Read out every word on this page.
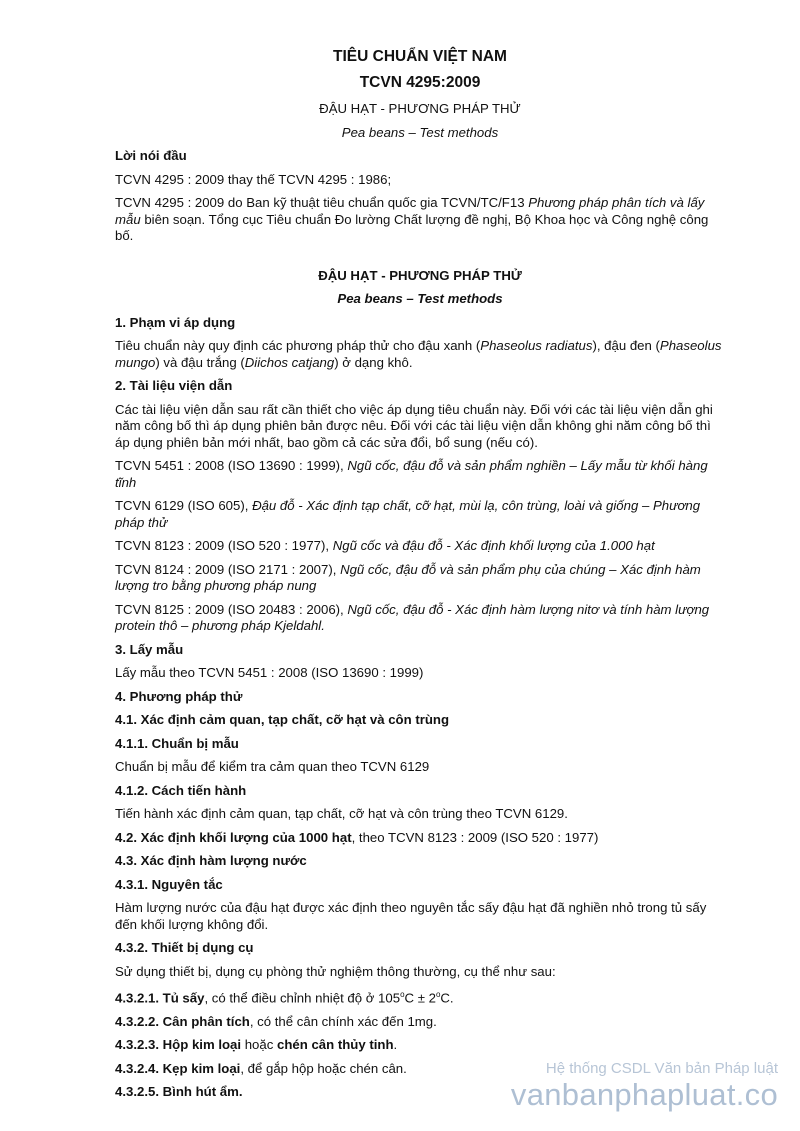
TIÊU CHUẨN VIỆT NAM
TCVN 4295:2009
ĐẬU HẠT - PHƯƠNG PHÁP THỬ
Pea beans – Test methods
Lời nói đầu
TCVN 4295 : 2009 thay thế TCVN 4295 : 1986;
TCVN 4295 : 2009 do Ban kỹ thuật tiêu chuẩn quốc gia TCVN/TC/F13 Phương pháp phân tích và lấy mẫu biên soạn. Tổng cục Tiêu chuẩn Đo lường Chất lượng đề nghị, Bộ Khoa học và Công nghệ công bố.
ĐẬU HẠT - PHƯƠNG PHÁP THỬ
Pea beans – Test methods
1. Phạm vi áp dụng
Tiêu chuẩn này quy định các phương pháp thử cho đậu xanh (Phaseolus radiatus), đậu đen (Phaseolus mungo) và đậu trắng (Diichos catjang) ở dạng khô.
2. Tài liệu viện dẫn
Các tài liệu viện dẫn sau rất cần thiết cho việc áp dụng tiêu chuẩn này. Đối với các tài liệu viện dẫn ghi năm công bố thì áp dụng phiên bản được nêu. Đối với các tài liệu viện dẫn không ghi năm công bố thì áp dụng phiên bản mới nhất, bao gồm cả các sửa đổi, bổ sung (nếu có).
TCVN 5451 : 2008 (ISO 13690 : 1999), Ngũ cốc, đậu đỗ và sản phẩm nghiền – Lấy mẫu từ khối hàng tĩnh
TCVN 6129 (ISO 605), Đậu đỗ - Xác định tạp chất, cỡ hạt, mùi lạ, côn trùng, loài và giống – Phương pháp thử
TCVN 8123 : 2009 (ISO 520 : 1977), Ngũ cốc và đậu đỗ - Xác định khối lượng của 1.000 hạt
TCVN 8124 : 2009 (ISO 2171 : 2007), Ngũ cốc, đậu đỗ và sản phẩm phụ của chúng – Xác định hàm lượng tro bằng phương pháp nung
TCVN 8125 : 2009 (ISO 20483 : 2006), Ngũ cốc, đậu đỗ - Xác định hàm lượng nitơ và tính hàm lượng protein thô – phương pháp Kjeldahl.
3. Lấy mẫu
Lấy mẫu theo TCVN 5451 : 2008 (ISO 13690 : 1999)
4. Phương pháp thử
4.1. Xác định cảm quan, tạp chất, cỡ hạt và côn trùng
4.1.1. Chuẩn bị mẫu
Chuẩn bị mẫu để kiểm tra cảm quan theo TCVN 6129
4.1.2. Cách tiến hành
Tiến hành xác định cảm quan, tạp chất, cỡ hạt và côn trùng theo TCVN 6129.
4.2. Xác định khối lượng của 1000 hạt, theo TCVN 8123 : 2009 (ISO 520 : 1977)
4.3. Xác định hàm lượng nước
4.3.1. Nguyên tắc
Hàm lượng nước của đậu hạt được xác định theo nguyên tắc sấy đậu hạt đã nghiền nhỏ trong tủ sấy đến khối lượng không đổi.
4.3.2. Thiết bị dụng cụ
Sử dụng thiết bị, dụng cụ phòng thử nghiệm thông thường, cụ thể như sau:
4.3.2.1. Tủ sấy, có thể điều chỉnh nhiệt độ ở $105^oC \pm 2^oC$.
4.3.2.2. Cân phân tích, có thể cân chính xác đến 1mg.
4.3.2.3. Hộp kim loại hoặc chén cân thủy tinh.
4.3.2.4. Kẹp kim loại, để gắp hộp hoặc chén cân.
4.3.2.5. Bình hút ẩm.
Hệ thống CSDL Văn bản Pháp luật
vanbanphapluat.co
